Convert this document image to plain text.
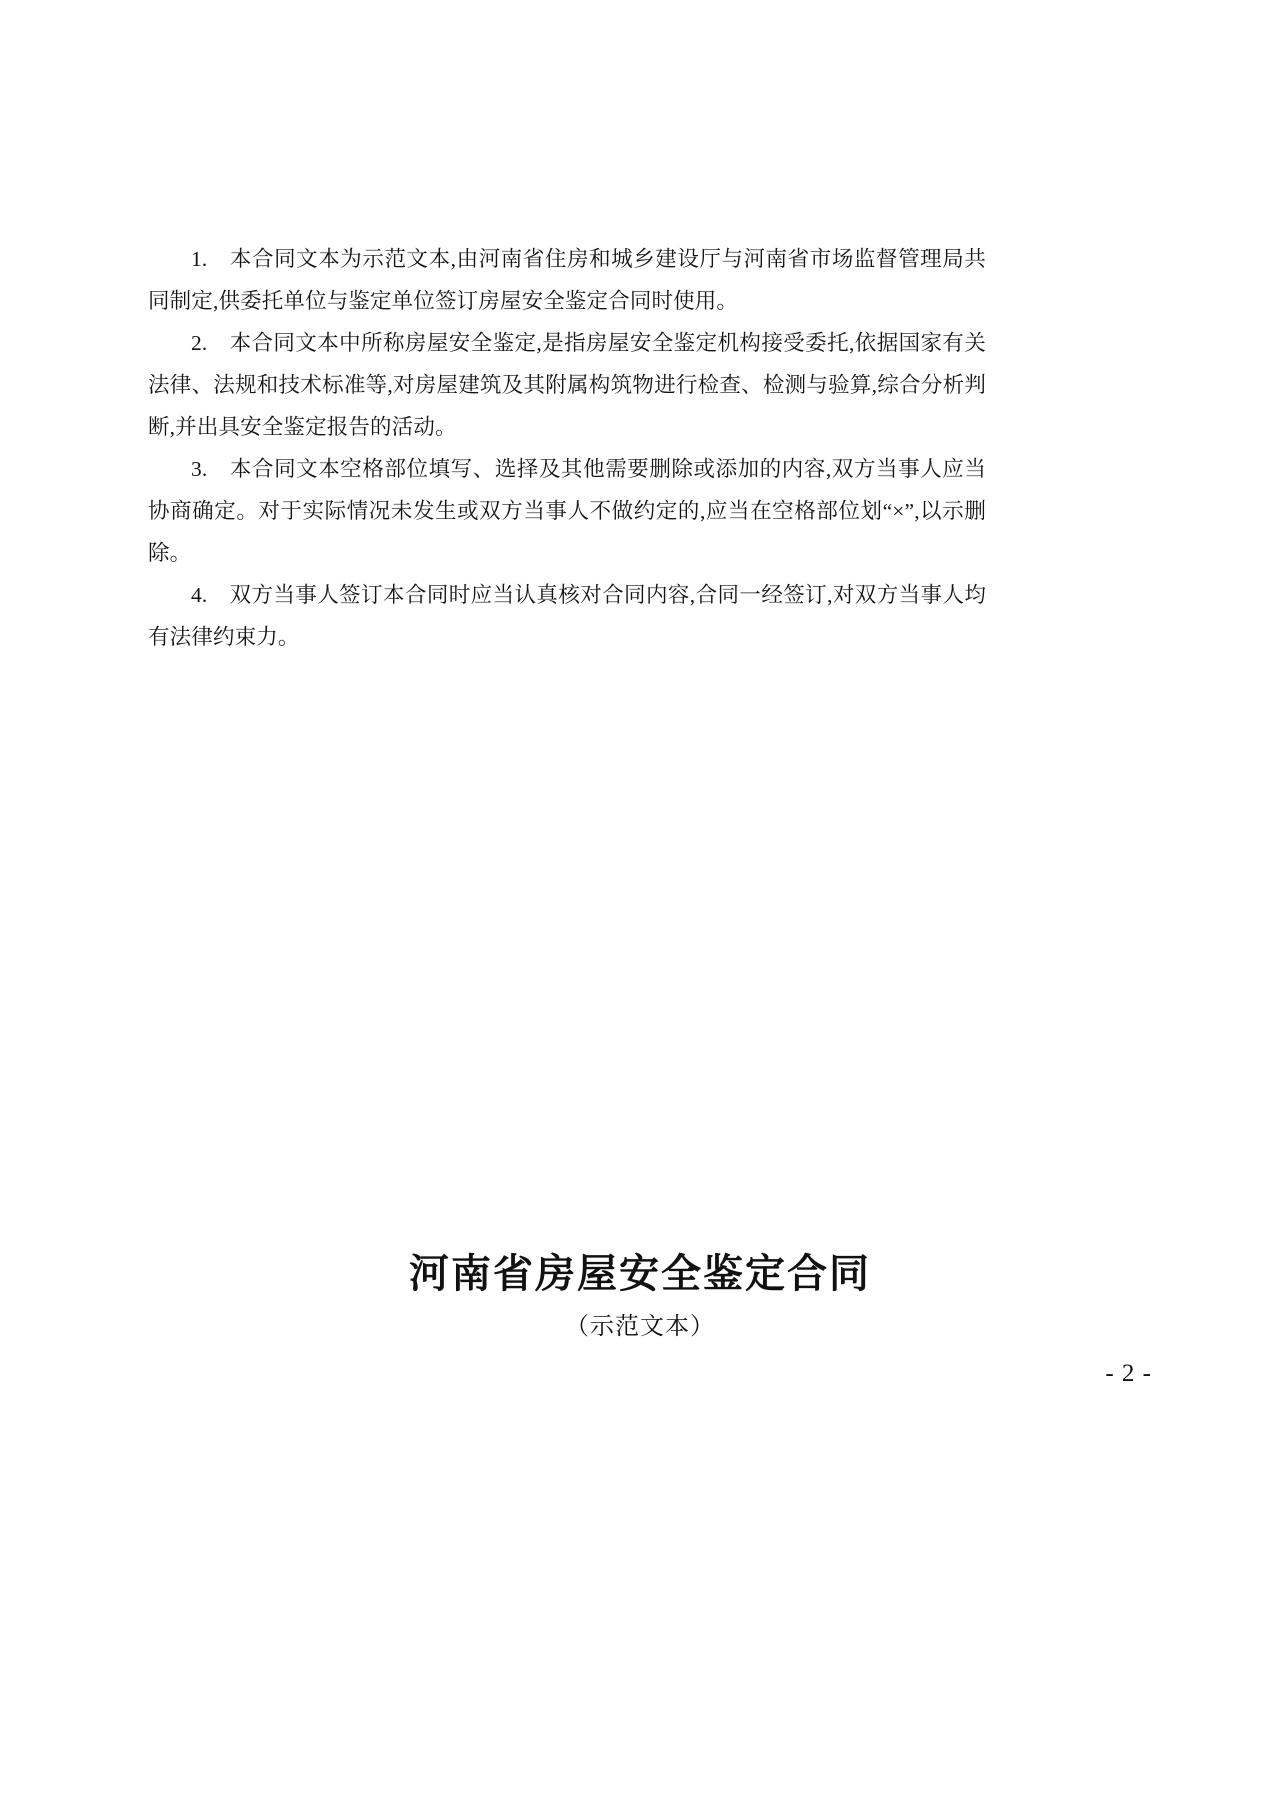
1.　本合同文本为示范文本,由河南省住房和城乡建设厅与河南省市场监督管理局共同制定,供委托单位与鉴定单位签订房屋安全鉴定合同时使用。

2.　本合同文本中所称房屋安全鉴定,是指房屋安全鉴定机构接受委托,依据国家有关法律、法规和技术标准等,对房屋建筑及其附属构筑物进行检查、检测与验算,综合分析判断,并出具安全鉴定报告的活动。

3.　本合同文本空格部位填写、选择及其他需要删除或添加的内容,双方当事人应当协商确定。对于实际情况未发生或双方当事人不做约定的,应当在空格部位划“×”,以示删除。

4.　双方当事人签订本合同时应当认真核对合同内容,合同一经签订,对双方当事人均有法律约束力。

河南省房屋安全鉴定合同
（示范文本）
- 2 -
